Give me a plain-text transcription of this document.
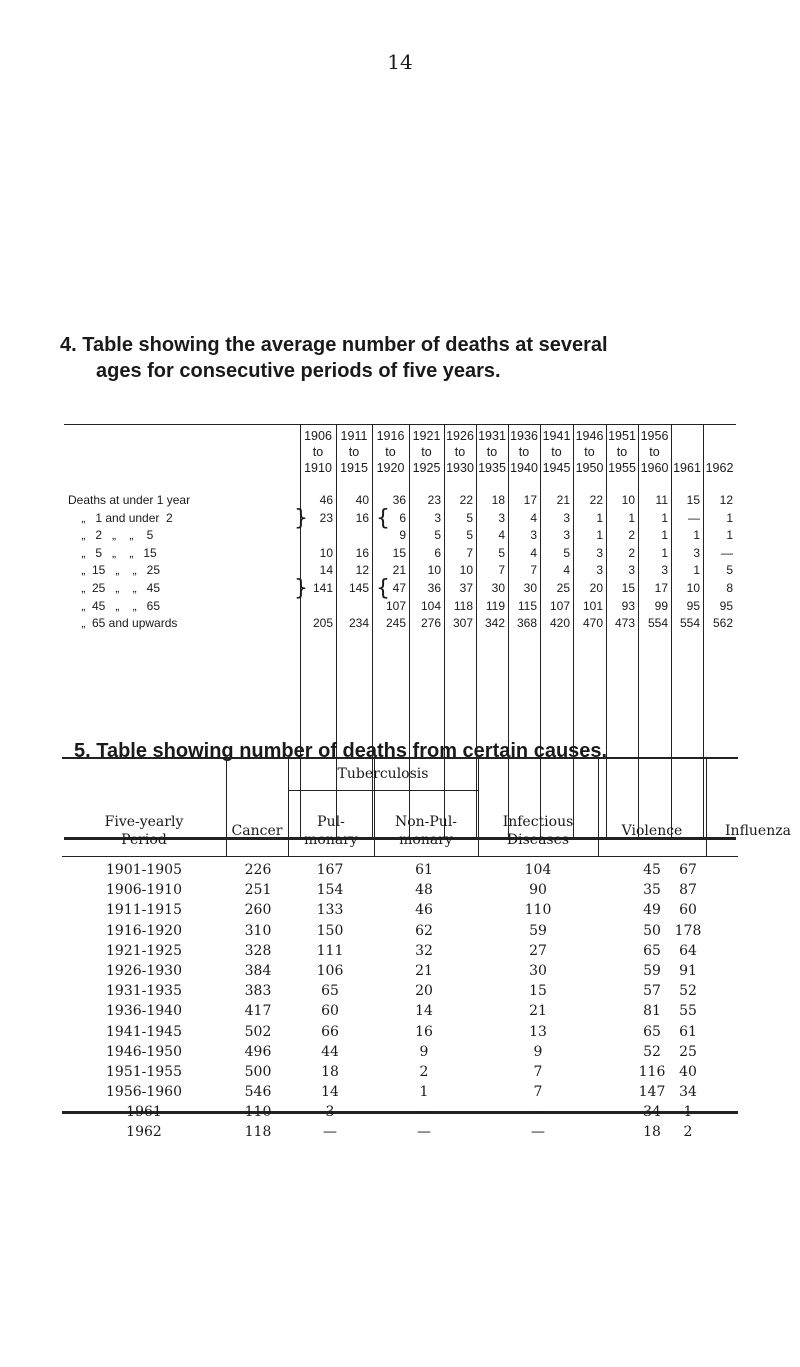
14
4. Table showing the average number of deaths at several
ages for consecutive periods of five years.
1906
to
1910
1911
to
1915
1916
to
1920
1921
to
1925
1926
to
1930
1931
to
1935
1936
to
1940
1941
to
1945
1946
to
1950
1951
to
1955
1956
to
1960 1961 1962
Deaths at under 1 year
„   1 and under  2
„   2   „    „    5
„   5   „    „   15
„  15   „    „   25
„  25   „    „   45
„  45   „    „   65
„  65 and upwards
46
23
10
14
141
205
40
16
16
12
145
234
36
6
9
15
21
47
107
245
23
3
5
6
10
36
104
276
22
5
5
7
10
37
118
307
18
3
4
5
7
30
119
342
17
4
3
4
7
30
115
368
21
3
3
5
4
25
107
420
22
1
1
3
3
20
101
470
10
1
2
2
3
15
93
473
11
1
1
1
3
17
99
554
15
—
1
3
1
10
95
554
12
1
1
—
5
8
95
562
}
}
{
{
5. Table showing number of deaths from certain causes.
Five-yearly
Period
Cancer
Tuberculosis
Pul-
monary
Non-Pul-
monary
Infectious
Diseases
Violence	Influenza
1901-1905
1906-1910
1911-1915
1916-1920
1921-1925
1926-1930
1931-1935
1936-1940
1941-1945
1946-1950
1951-1955
1956-1960
1961
1962
226
251
260
310
328
384
383
417
502
496
500
546
110
118
167
154
133
150
111
106
65
60
66
44
18
14
3
—
61
48
46
62
32
21
20
14
16
9
2
1
—
—
104
90
110
59
27
30
15
21
13
9
7
7
—
—
45
35
49
50
65
59
57
81
65
52
116
147
34
18
67
87
60
178
64
91
52
55
61
25
40
34
1
2
